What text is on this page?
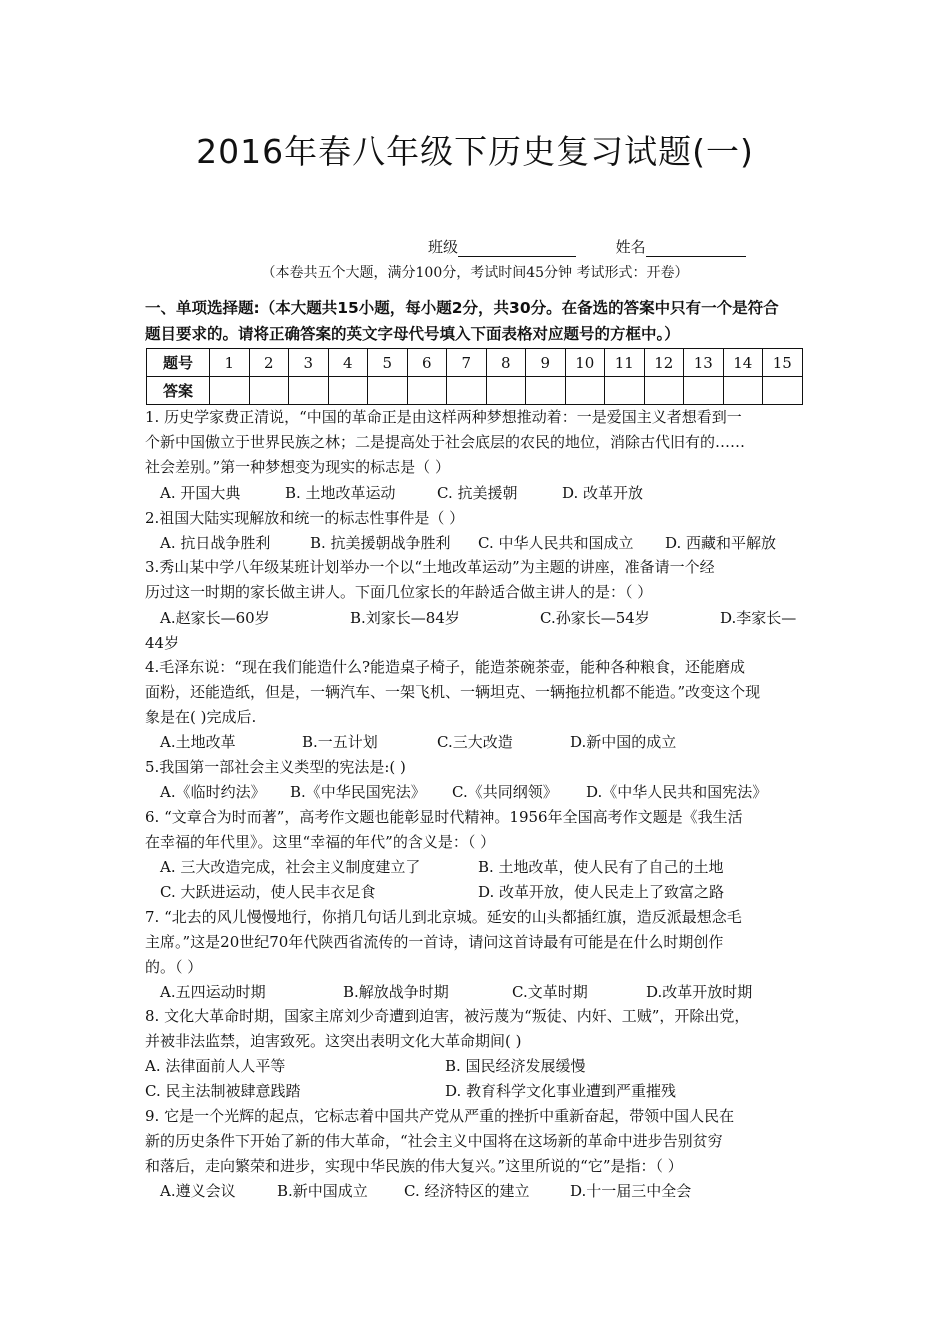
2016年春八年级下历史复习试题(一)
班级	姓名
（本卷共五个大题，满分100分，考试时间45分钟 考试形式：开卷）
一、单项选择题:（本大题共15小题，每小题2分，共30分。在备选的答案中只有一个是符合
题目要求的。请将正确答案的英文字母代号填入下面表格对应题号的方框中。）
题号	1	2	3	4	5	6	7	8	9	10	11	12	13	14	15
答案															
1. 历史学家费正清说，“中国的革命正是由这样两种梦想推动着：一是爱国主义者想看到一
个新中国傲立于世界民族之林；二是提高处于社会底层的农民的地位，消除古代旧有的……
社会差别。”第一种梦想变为现实的标志是（ ）
A. 开国大典	B. 土地改革运动	C. 抗美援朝	D. 改革开放
2.祖国大陆实现解放和统一的标志性事件是（ ）
A. 抗日战争胜利	B. 抗美援朝战争胜利 C. 中华人民共和国成立 D. 西藏和平解放
3.秀山某中学八年级某班计划举办一个以“土地改革运动”为主题的讲座，准备请一个经
历过这一时期的家长做主讲人。下面几位家长的年龄适合做主讲人的是：（ ）
A.赵家长—60岁	B.刘家长—84岁	C.孙家长—54岁	D.李家长—
44岁
4.毛泽东说：“现在我们能造什么?能造桌子椅子，能造茶碗茶壶，能种各种粮食，还能磨成
面粉，还能造纸，但是，一辆汽车、一架飞机、一辆坦克、一辆拖拉机都不能造。”改变这个现
象是在( )完成后.
A.土地改革	B.一五计划	C.三大改造	D.新中国的成立
5.我国第一部社会主义类型的宪法是:( )
A.《临时约法》 B.《中华民国宪法》 C.《共同纲领》 D.《中华人民共和国宪法》
6. “文章合为时而著”，高考作文题也能彰显时代精神。1956年全国高考作文题是《我生活
在幸福的年代里》。这里“幸福的年代”的含义是：（ ）
A. 三大改造完成，社会主义制度建立了	B. 土地改革，使人民有了自己的土地
C. 大跃进运动，使人民丰衣足食	D. 改革开放，使人民走上了致富之路
7. “北去的风儿慢慢地行，你捎几句话儿到北京城。延安的山头都插红旗，造反派最想念毛
主席。”这是20世纪70年代陕西省流传的一首诗，请问这首诗最有可能是在什么时期创作
的。（ ）
A.五四运动时期	B.解放战争时期	C.文革时期	D.改革开放时期
8. 文化大革命时期，国家主席刘少奇遭到迫害，被污蔑为“叛徒、内奸、工贼”，开除出党，
并被非法监禁，迫害致死。这突出表明文化大革命期间( )
A. 法律面前人人平等	B. 国民经济发展缓慢
C. 民主法制被肆意践踏	D. 教育科学文化事业遭到严重摧残
9. 它是一个光辉的起点，它标志着中国共产党从严重的挫折中重新奋起，带领中国人民在
新的历史条件下开始了新的伟大革命，“社会主义中国将在这场新的革命中进步告别贫穷
和落后，走向繁荣和进步，实现中华民族的伟大复兴。”这里所说的“它”是指：（ ）
A.遵义会议	B.新中国成立 C. 经济特区的建立	D.十一届三中全会
